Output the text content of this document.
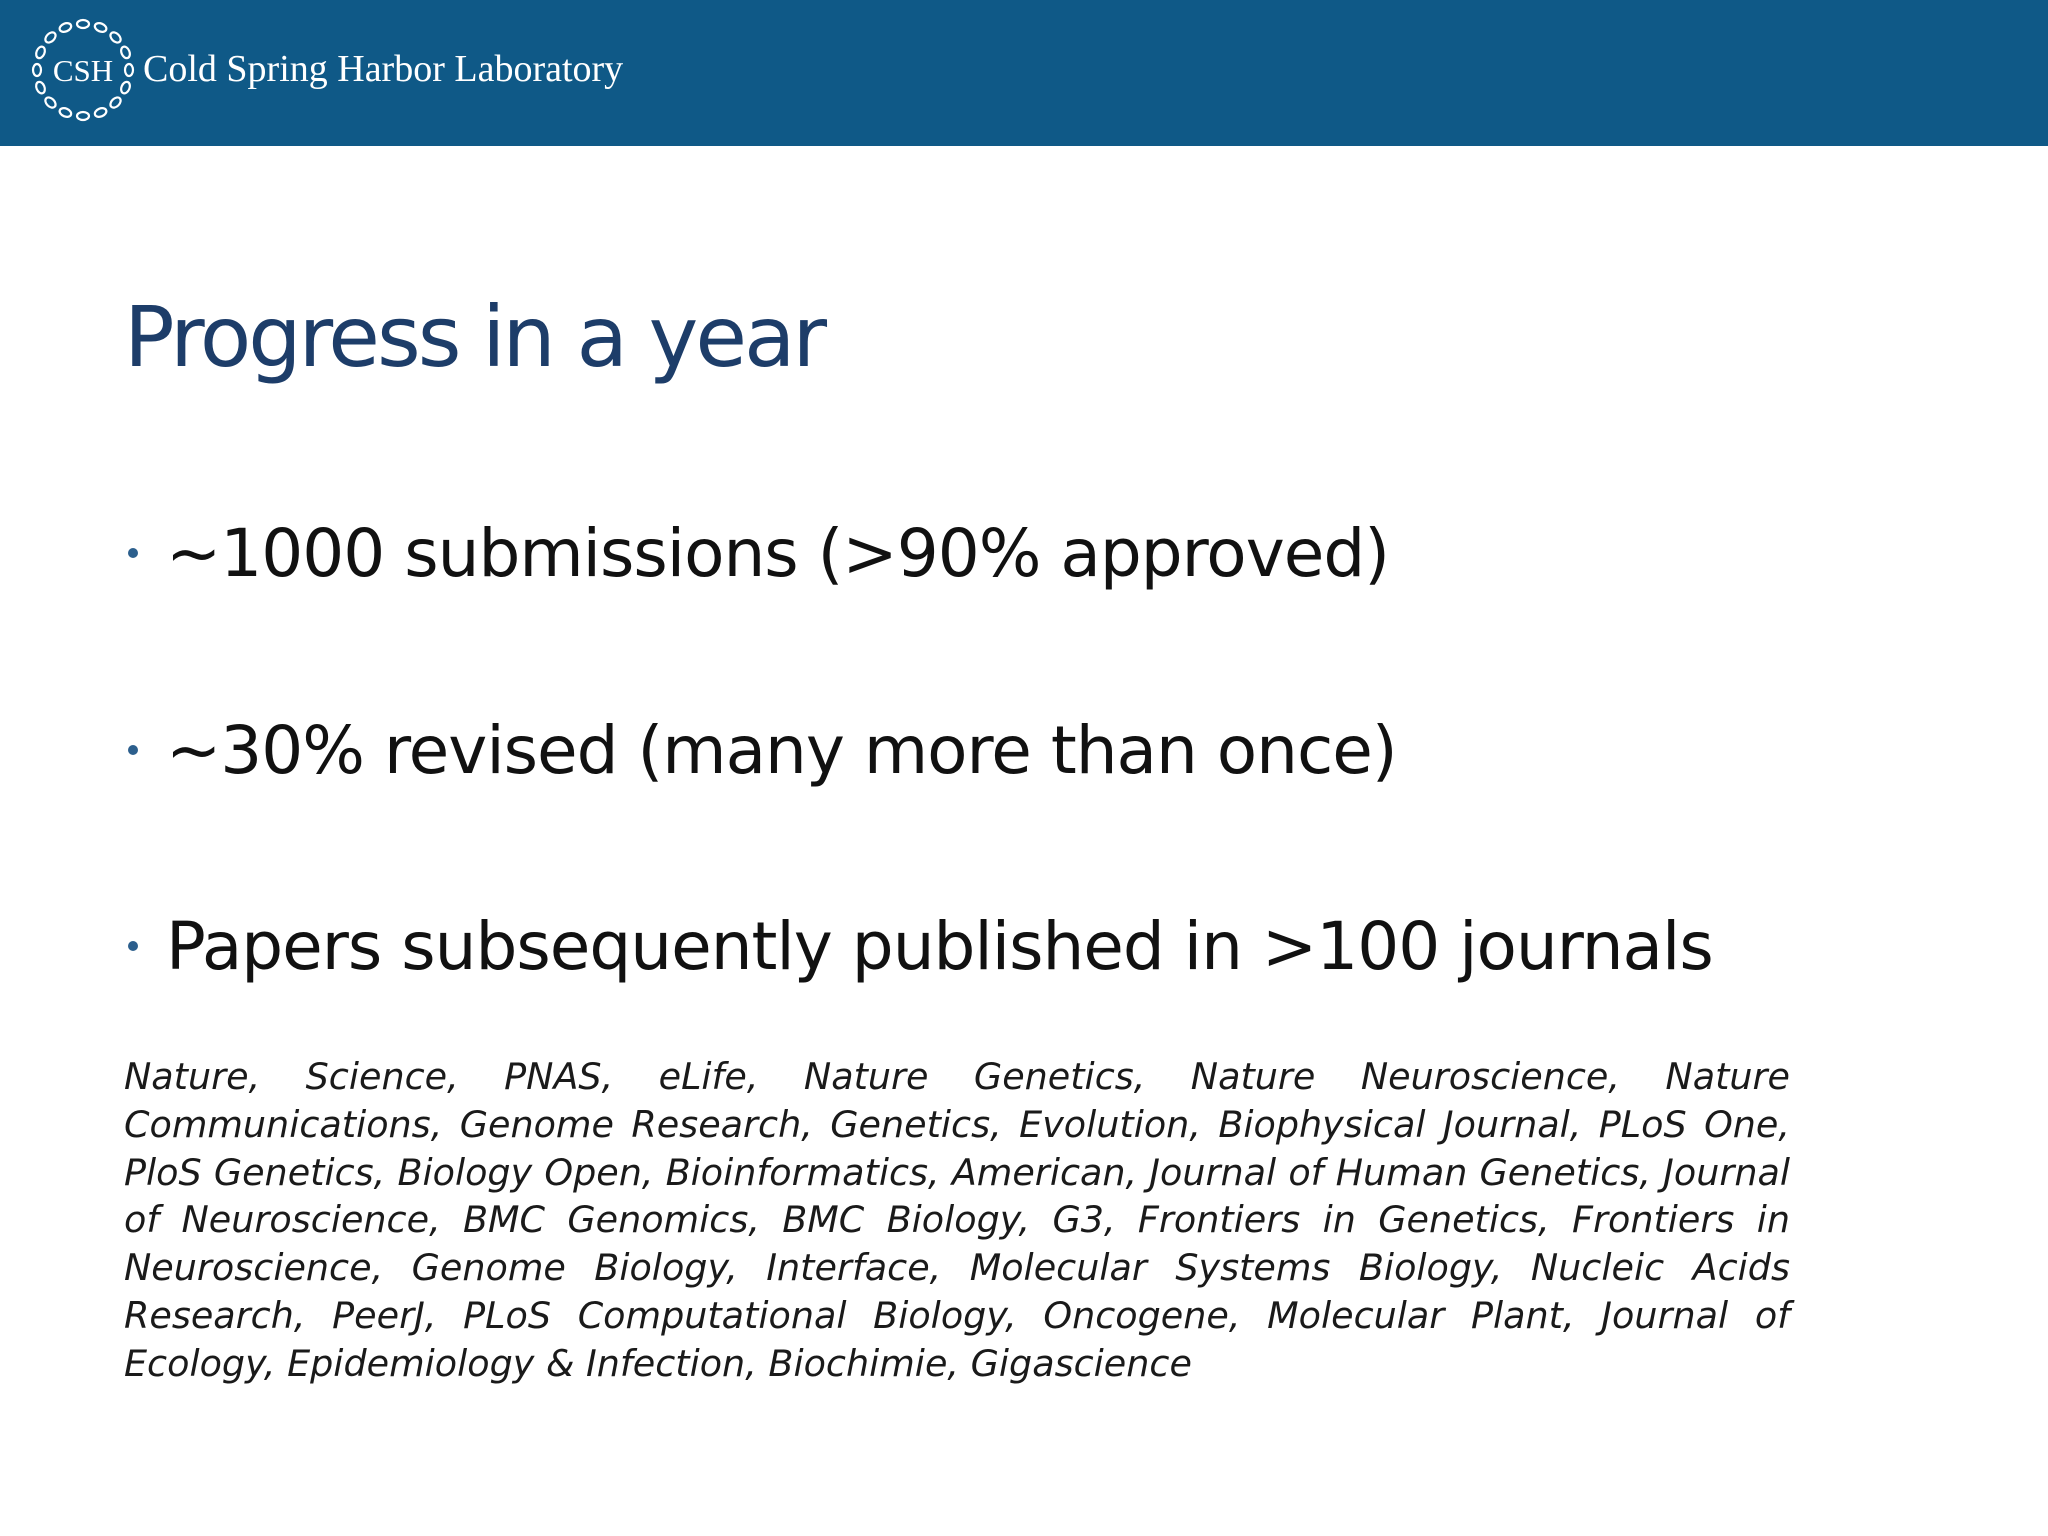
CSH Cold Spring Harbor Laboratory
Progress in a year
~1000 submissions (>90% approved)
~30% revised (many more than once)
Papers subsequently published in >100 journals

Nature, Science, PNAS, eLife, Nature Genetics, Nature Neuroscience, Nature Communications, Genome Research, Genetics, Evolution, Biophysical Journal, PLoS One, PloS Genetics, Biology Open, Bioinformatics, American, Journal of Human Genetics, Journal of Neuroscience, BMC Genomics, BMC Biology, G3, Frontiers in Genetics, Frontiers in Neuroscience, Genome Biology, Interface, Molecular Systems Biology, Nucleic Acids Research, PeerJ, PLoS Computational Biology, Oncogene, Molecular Plant, Journal of Ecology, Epidemiology & Infection, Biochimie, Gigascience
